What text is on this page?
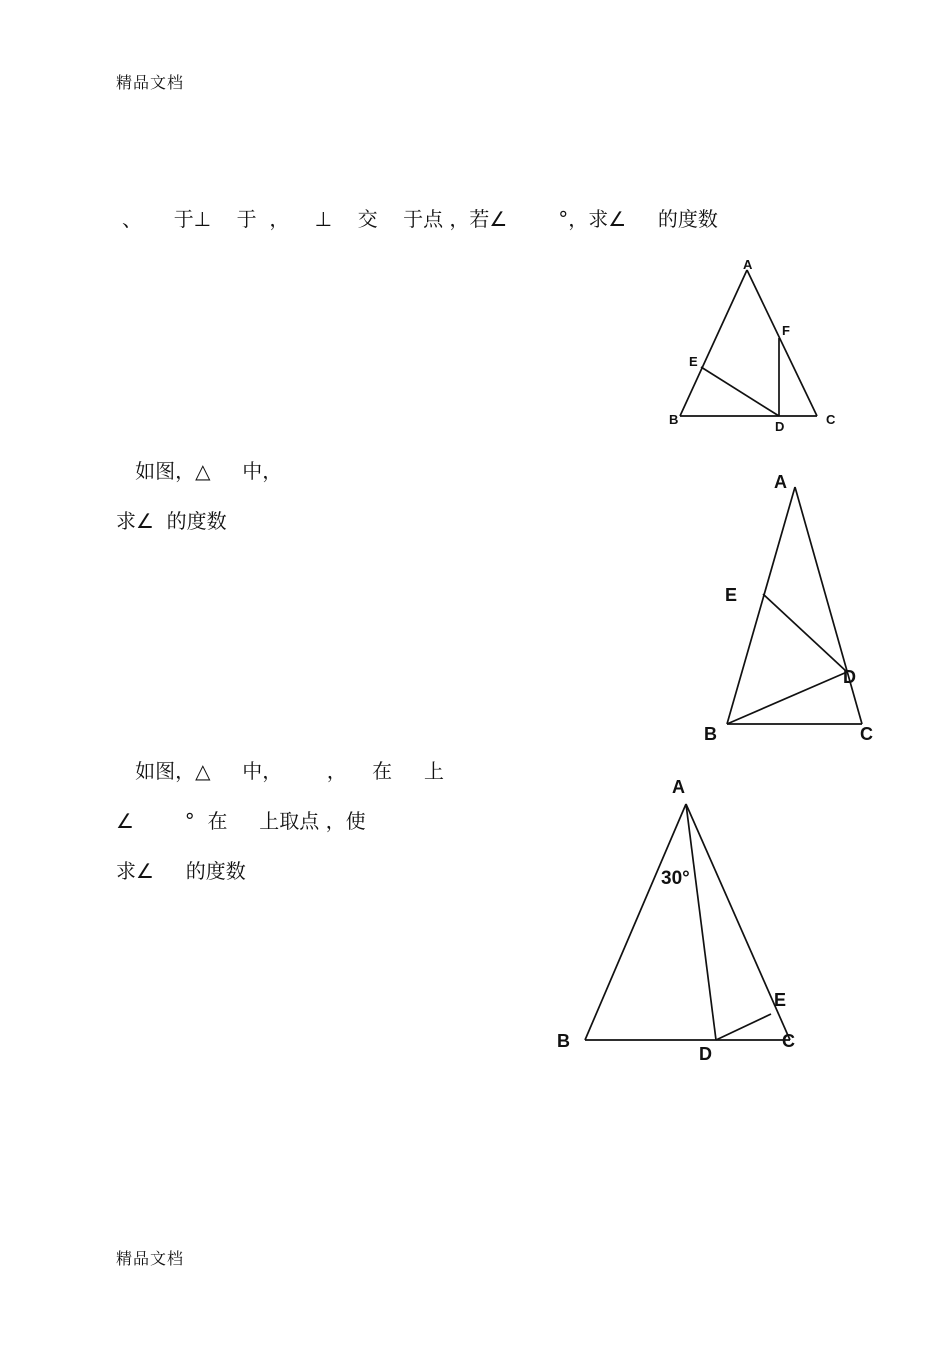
精品文档
、     于⊥    于  ，    ⊥    交    于点 ，若∠        °，求∠     的度数
A
B	C
D
E
F
如图，△     中，
求∠  的度数
A
B	C
D
E
如图，△     中，       ，    在     上
∠        °  在     上取点 ，使
求∠     的度数
A
B	C
D
E
30°
精品文档
